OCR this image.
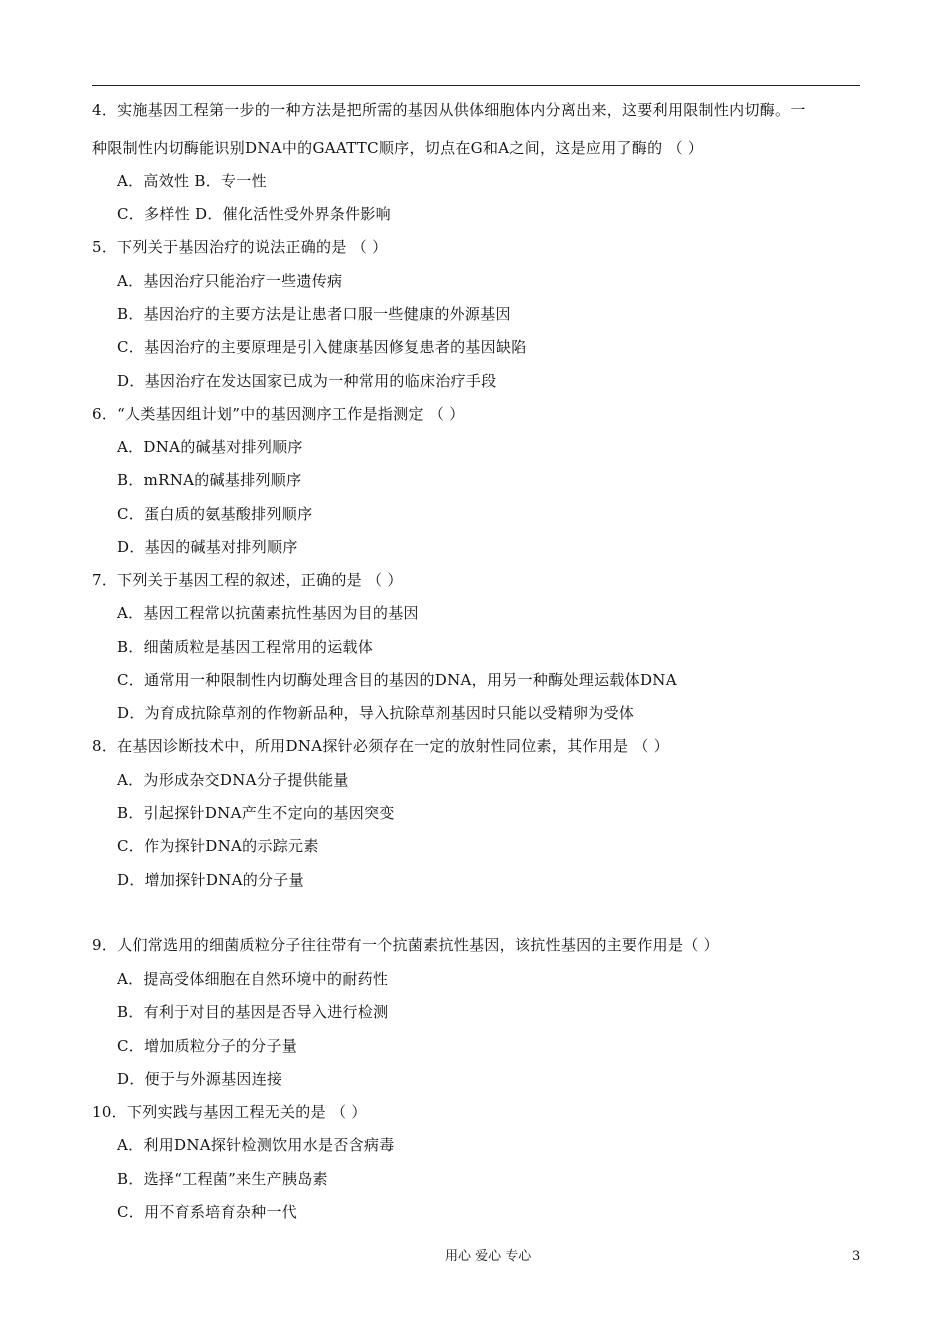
4．实施基因工程第一步的一种方法是把所需的基因从供体细胞体内分离出来，这要利用限制性内切酶。一
种限制性内切酶能识别DNA中的GAATTC顺序，切点在G和A之间，这是应用了酶的 （ ）
A．高效性 B．专一性
C．多样性 D．催化活性受外界条件影响
5．下列关于基因治疗的说法正确的是 （ ）
A．基因治疗只能治疗一些遗传病
B．基因治疗的主要方法是让患者口服一些健康的外源基因
C．基因治疗的主要原理是引入健康基因修复患者的基因缺陷
D．基因治疗在发达国家已成为一种常用的临床治疗手段
6．“人类基因组计划”中的基因测序工作是指测定 （ ）
A．DNA的碱基对排列顺序
B．mRNA的碱基排列顺序
C．蛋白质的氨基酸排列顺序
D．基因的碱基对排列顺序
7．下列关于基因工程的叙述，正确的是 （ ）
A．基因工程常以抗菌素抗性基因为目的基因
B．细菌质粒是基因工程常用的运载体
C．通常用一种限制性内切酶处理含目的基因的DNA，用另一种酶处理运载体DNA
D．为育成抗除草剂的作物新品种，导入抗除草剂基因时只能以受精卵为受体
8．在基因诊断技术中，所用DNA探针必须存在一定的放射性同位素，其作用是 （ ）
A．为形成杂交DNA分子提供能量
B．引起探针DNA产生不定向的基因突变
C．作为探针DNA的示踪元素
D．增加探针DNA的分子量
9．人们常选用的细菌质粒分子往往带有一个抗菌素抗性基因，该抗性基因的主要作用是（ ）
A．提高受体细胞在自然环境中的耐药性
B．有利于对目的基因是否导入进行检测
C．增加质粒分子的分子量
D．便于与外源基因连接
10．下列实践与基因工程无关的是 （ ）
A．利用DNA探针检测饮用水是否含病毒
B．选择“工程菌”来生产胰岛素
C．用不育系培育杂种一代
用心 爱心 专心	3
